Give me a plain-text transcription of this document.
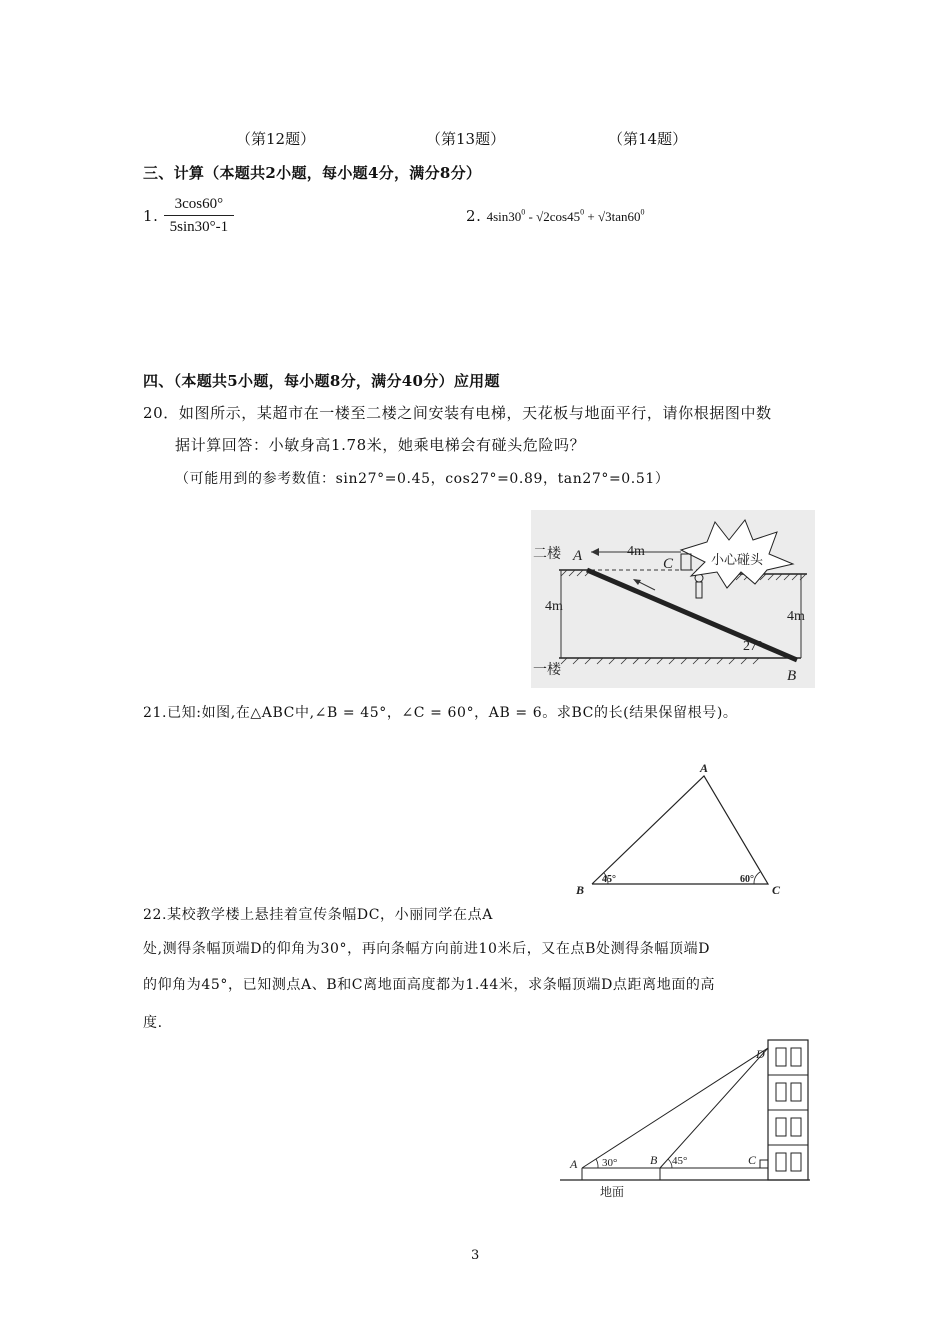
（第12题）	（第13题）	（第14题）
三、计算（本题共2小题，每小题4分，满分8分）
1. $\frac{3\cos 60^\circ}{5\sin 30^\circ-1}$	2. $4\sin 30^0 - √2\cos 45^0 + √3\tan 60^0$
四、（本题共5小题，每小题8分，满分40分）应用题
20．如图所示，某超市在一楼至二楼之间安装有电梯，天花板与地面平行，请你根据图中数
据计算回答：小敏身高1.78米，她乘电梯会有碰头危险吗？
（可能用到的参考数值：sin27°=0.45，cos27°=0.89，tan27°=0.51）
小心碰头
二楼 A	4m
C
4m
4m
27°
一楼	B
21.已知:如图,在△ABC中,∠B = 45°，∠C = 60°，AB = 6。求BC的长(结果保留根号)。
A
B	C
45°	60°
22.某校教学楼上悬挂着宣传条幅DC，小丽同学在点A
处,测得条幅顶端D的仰角为30°，再向条幅方向前进10米后，又在点B处测得条幅顶端D
的仰角为45°，已知测点A、B和C离地面高度都为1.44米，求条幅顶端D点距离地面的高
度.
A 30°	B 45°	C
D
地面
3
